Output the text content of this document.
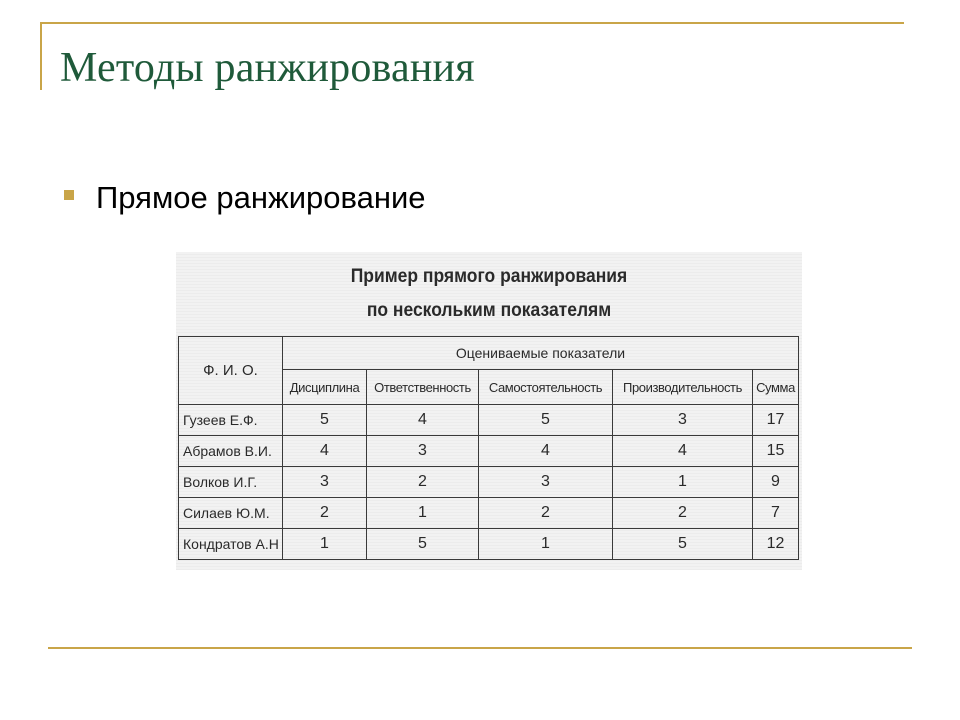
Методы ранжирования
Прямое ранжирование
Пример прямого ранжирования
по нескольким показателям
Ф. И. О.	Оцениваемые показатели				
	Дисциплина	Ответственность	Самостоятельность	Производительность	Сумма
Гузеев Е.Ф.	5	4	5	3	17
Абрамов В.И.	4	3	4	4	15
Волков И.Г.	3	2	3	1	9
Силаев Ю.М.	2	1	2	2	7
Кондратов А.Н	1	5	1	5	12
